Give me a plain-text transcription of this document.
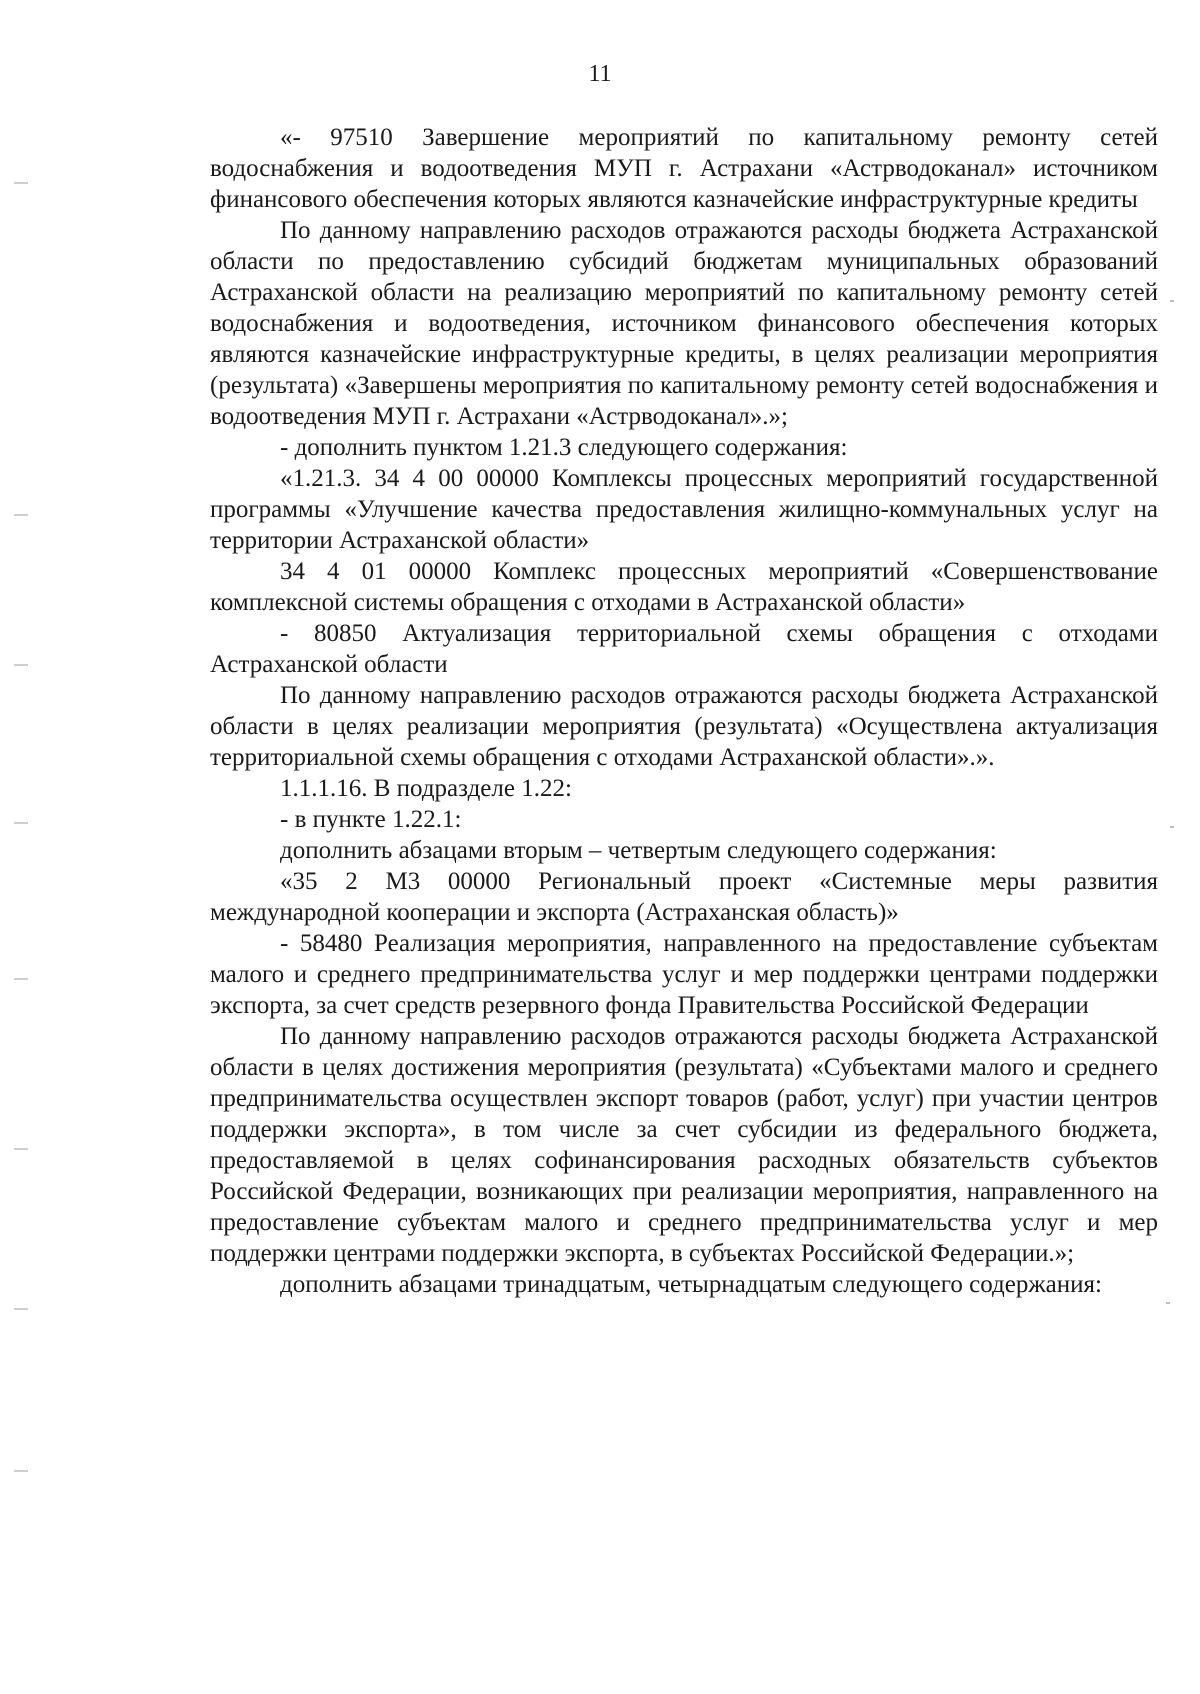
11

«- 97510 Завершение мероприятий по капитальному ремонту сетей водоснабжения и водоотведения МУП г. Астрахани «Астрводоканал» источником финансового обеспечения которых являются казначейские инфраструктурные кредиты

По данному направлению расходов отражаются расходы бюджета Астраханской области по предоставлению субсидий бюджетам муниципальных образований Астраханской области на реализацию мероприятий по капитальному ремонту сетей водоснабжения и водоотведения, источником финансового обеспечения которых являются казначейские инфраструктурные кредиты, в целях реализации мероприятия (результата) «Завершены мероприятия по капитальному ремонту сетей водоснабжения и водоотведения МУП г. Астрахани «Астрводоканал».»;

- дополнить пунктом 1.21.3 следующего содержания:

«1.21.3. 34 4 00 00000 Комплексы процессных мероприятий государственной программы «Улучшение качества предоставления жилищно-коммунальных услуг на территории Астраханской области»

34 4 01 00000 Комплекс процессных мероприятий «Совершенствование комплексной системы обращения с отходами в Астраханской области»

- 80850 Актуализация территориальной схемы обращения с отходами Астраханской области

По данному направлению расходов отражаются расходы бюджета Астраханской области в целях реализации мероприятия (результата) «Осуществлена актуализация территориальной схемы обращения с отходами Астраханской области».».

1.1.1.16. В подразделе 1.22:

- в пункте 1.22.1:

дополнить абзацами вторым – четвертым следующего содержания:

«35 2 М3 00000 Региональный проект «Системные меры развития международной кооперации и экспорта (Астраханская область)»

- 58480 Реализация мероприятия, направленного на предоставление субъектам малого и среднего предпринимательства услуг и мер поддержки центрами поддержки экспорта, за счет средств резервного фонда Правительства Российской Федерации

По данному направлению расходов отражаются расходы бюджета Астраханской области в целях достижения мероприятия (результата) «Субъектами малого и среднего предпринимательства осуществлен экспорт товаров (работ, услуг) при участии центров поддержки экспорта», в том числе за счет субсидии из федерального бюджета, предоставляемой в целях софинансирования расходных обязательств субъектов Российской Федерации, возникающих при реализации мероприятия, направленного на предоставление субъектам малого и среднего предпринимательства услуг и мер поддержки центрами поддержки экспорта, в субъектах Российской Федерации.»;

дополнить абзацами тринадцатым, четырнадцатым следующего содержания:
